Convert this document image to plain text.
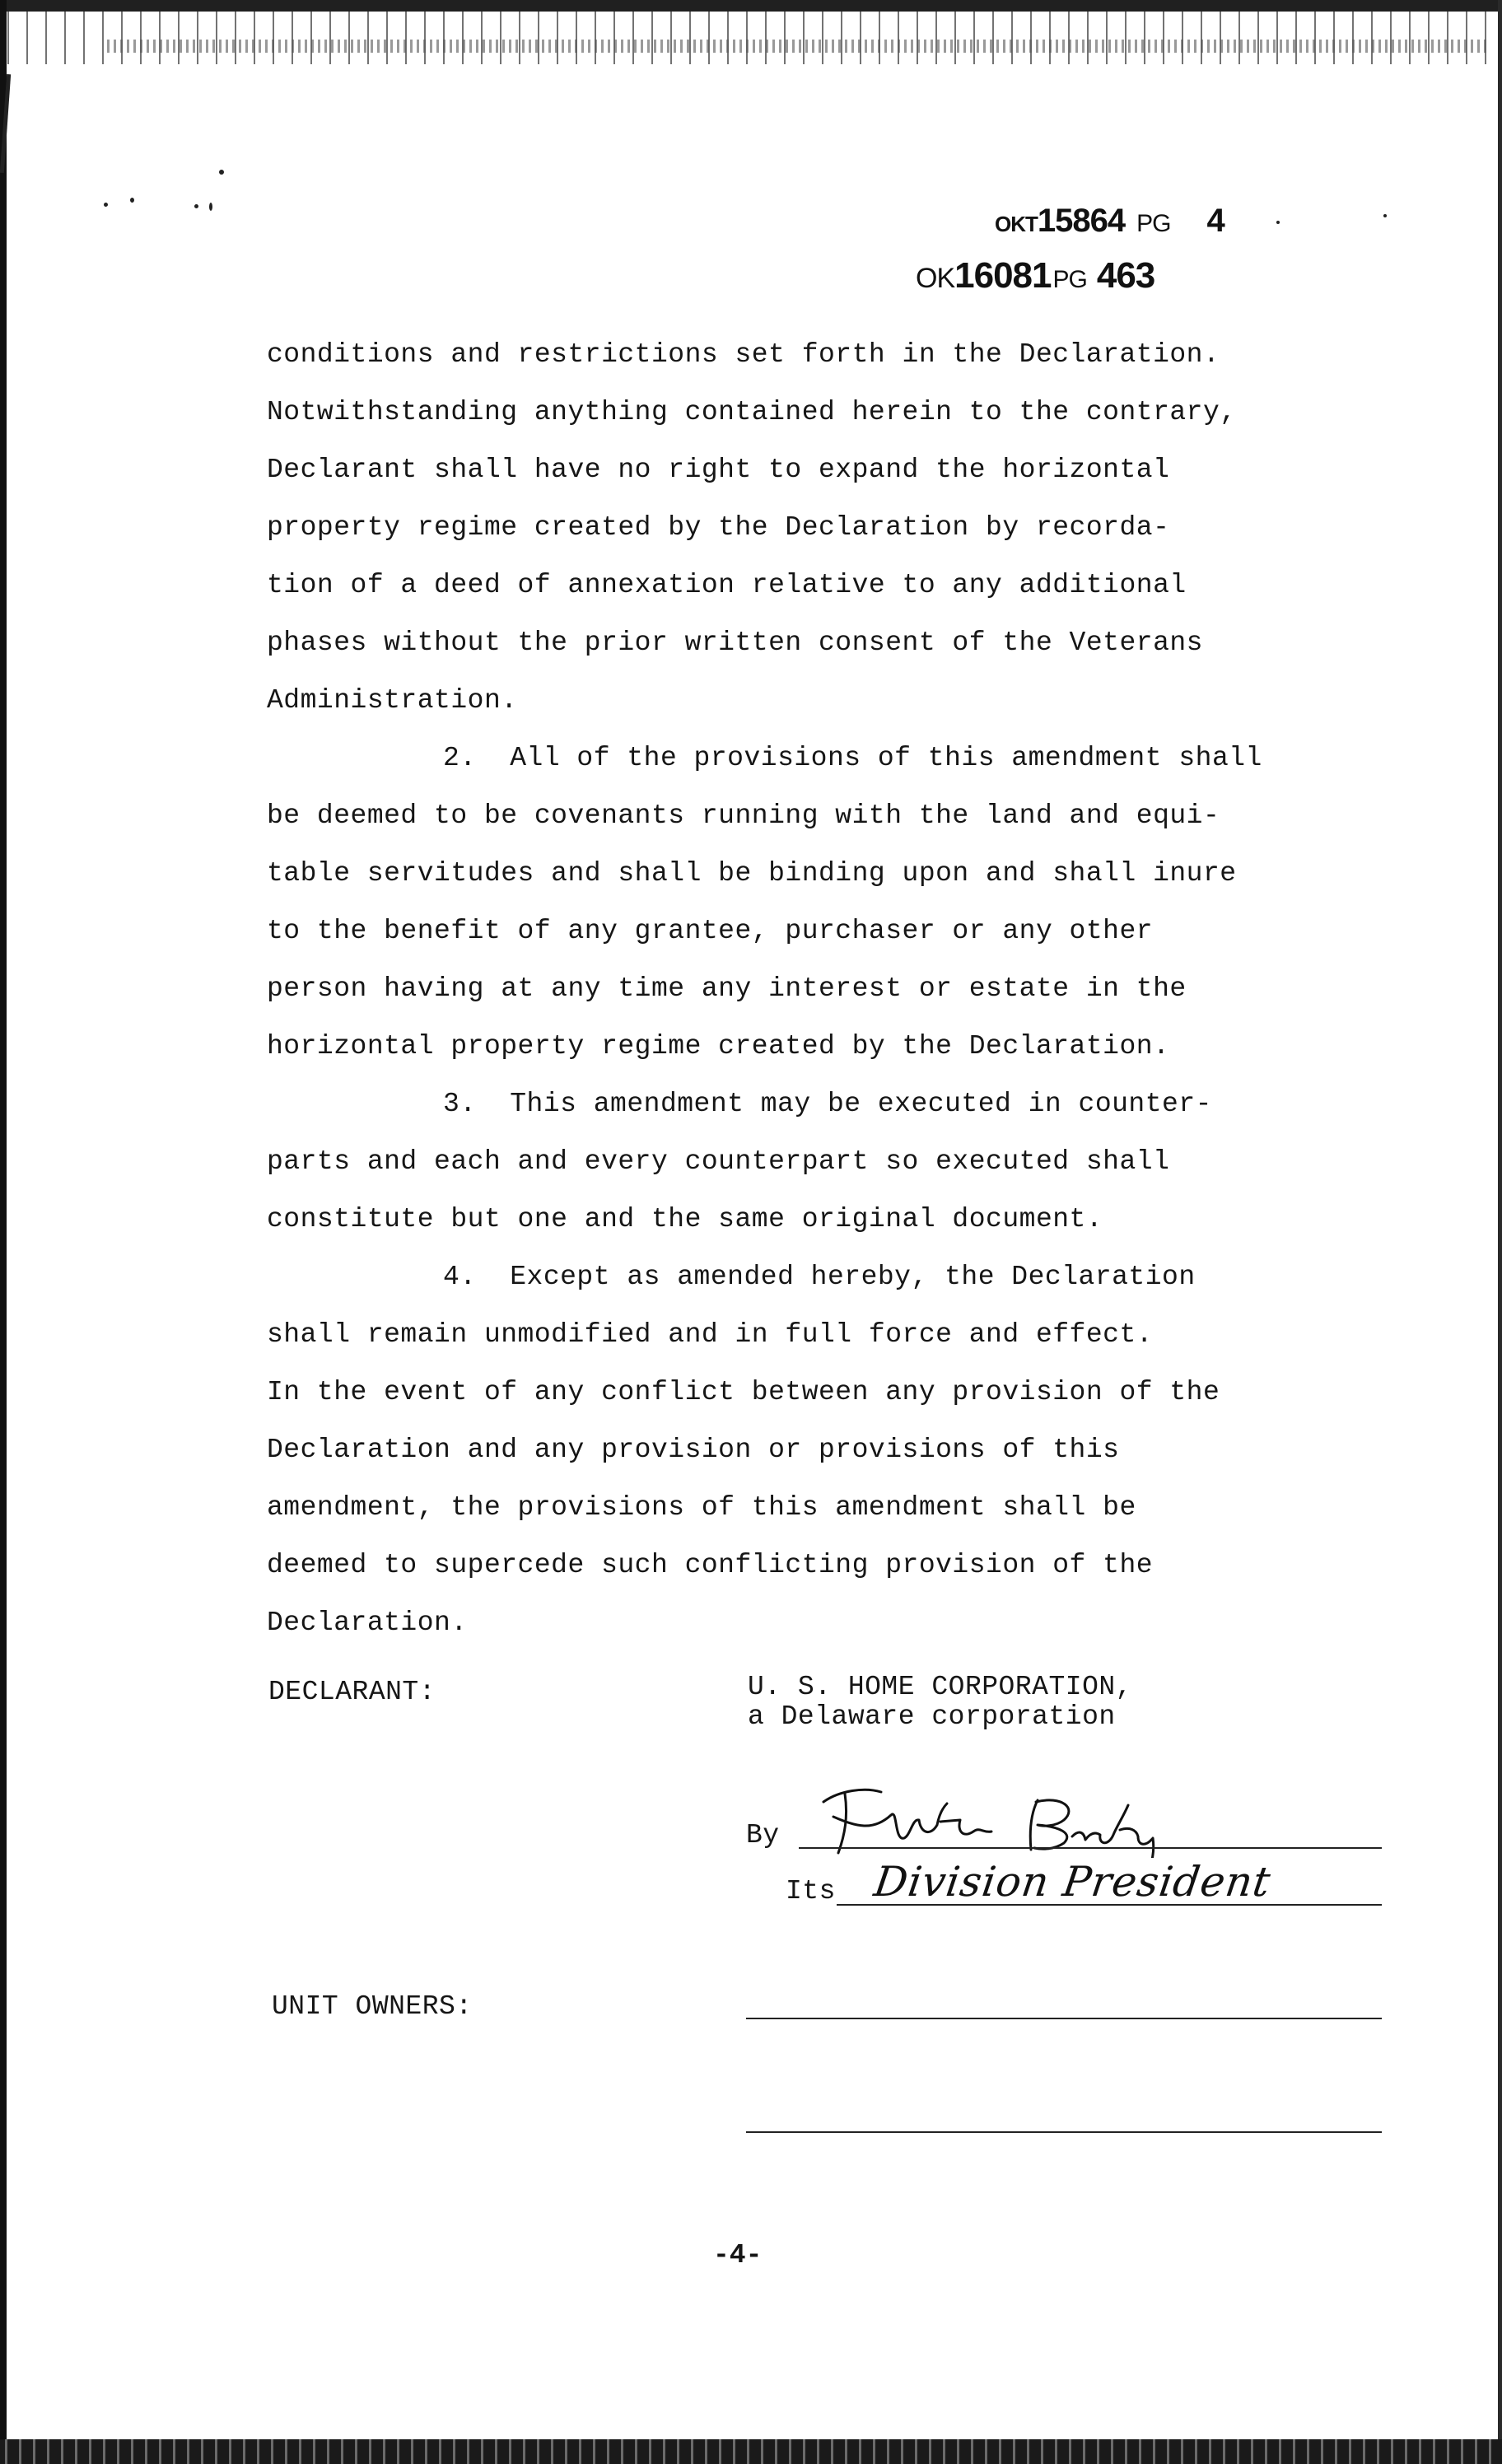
OKT15864 PG 4
OK16081PG 463
conditions and restrictions set forth in the Declaration.
Notwithstanding anything contained herein to the contrary,
Declarant shall have no right to expand the horizontal
property regime created by the Declaration by recorda-
tion of a deed of annexation relative to any additional
phases without the prior written consent of the Veterans
Administration.
2.  All of the provisions of this amendment shall
be deemed to be covenants running with the land and equi-
table servitudes and shall be binding upon and shall inure
to the benefit of any grantee, purchaser or any other
person having at any time any interest or estate in the
horizontal property regime created by the Declaration.
3.  This amendment may be executed in counter-
parts and each and every counterpart so executed shall
constitute but one and the same original document.
4.  Except as amended hereby, the Declaration
shall remain unmodified and in full force and effect.
In the event of any conflict between any provision of the
Declaration and any provision or provisions of this
amendment, the provisions of this amendment shall be
deemed to supercede such conflicting provision of the
Declaration.
DECLARANT:	U. S. HOME CORPORATION,
a Delaware corporation
By
Its Division President
UNIT OWNERS:
-4-
